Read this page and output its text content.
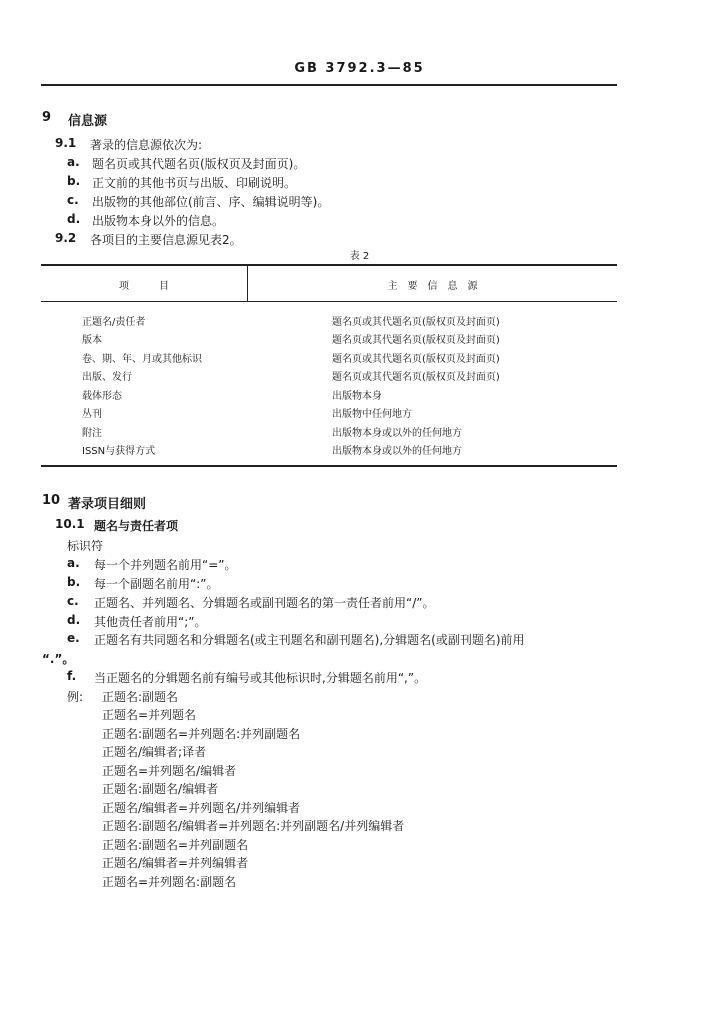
GB 3792.3—85
9 信息源
9.1 著录的信息源依次为:
a. 题名页或其代题名页(版权页及封面页)。
b. 正文前的其他书页与出版、印刷说明。
c. 出版物的其他部位(前言、序、编辑说明等)。
d. 出版物本身以外的信息。
9.2 各项目的主要信息源见表2。
表 2
项　　　目	主　要　信　息　源
正题名/责任者	题名页或其代题名页(版权页及封面页)
版本	题名页或其代题名页(版权页及封面页)
卷、期、年、月或其他标识	题名页或其代题名页(版权页及封面页)
出版、发行	题名页或其代题名页(版权页及封面页)
载体形态	出版物本身
丛刊	出版物中任何地方
附注	出版物本身或以外的任何地方
ISSN与获得方式	出版物本身或以外的任何地方
10 著录项目细则
10.1 题名与责任者项
标识符
a. 每一个并列题名前用“=”。
b. 每一个副题名前用“:”。
c. 正题名、并列题名、分辑题名或副刊题名的第一责任者前用“/”。
d. 其他责任者前用“;”。
e. 正题名有共同题名和分辑题名(或主刊题名和副刊题名),分辑题名(或副刊题名)前用
“.”。
f. 当正题名的分辑题名前有编号或其他标识时,分辑题名前用“,”。
例: 正题名:副题名
正题名=并列题名
正题名:副题名=并列题名:并列副题名
正题名/编辑者;译者
正题名=并列题名/编辑者
正题名:副题名/编辑者
正题名/编辑者=并列题名/并列编辑者
正题名:副题名/编辑者=并列题名:并列副题名/并列编辑者
正题名:副题名=并列副题名
正题名/编辑者=并列编辑者
正题名=并列题名:副题名
